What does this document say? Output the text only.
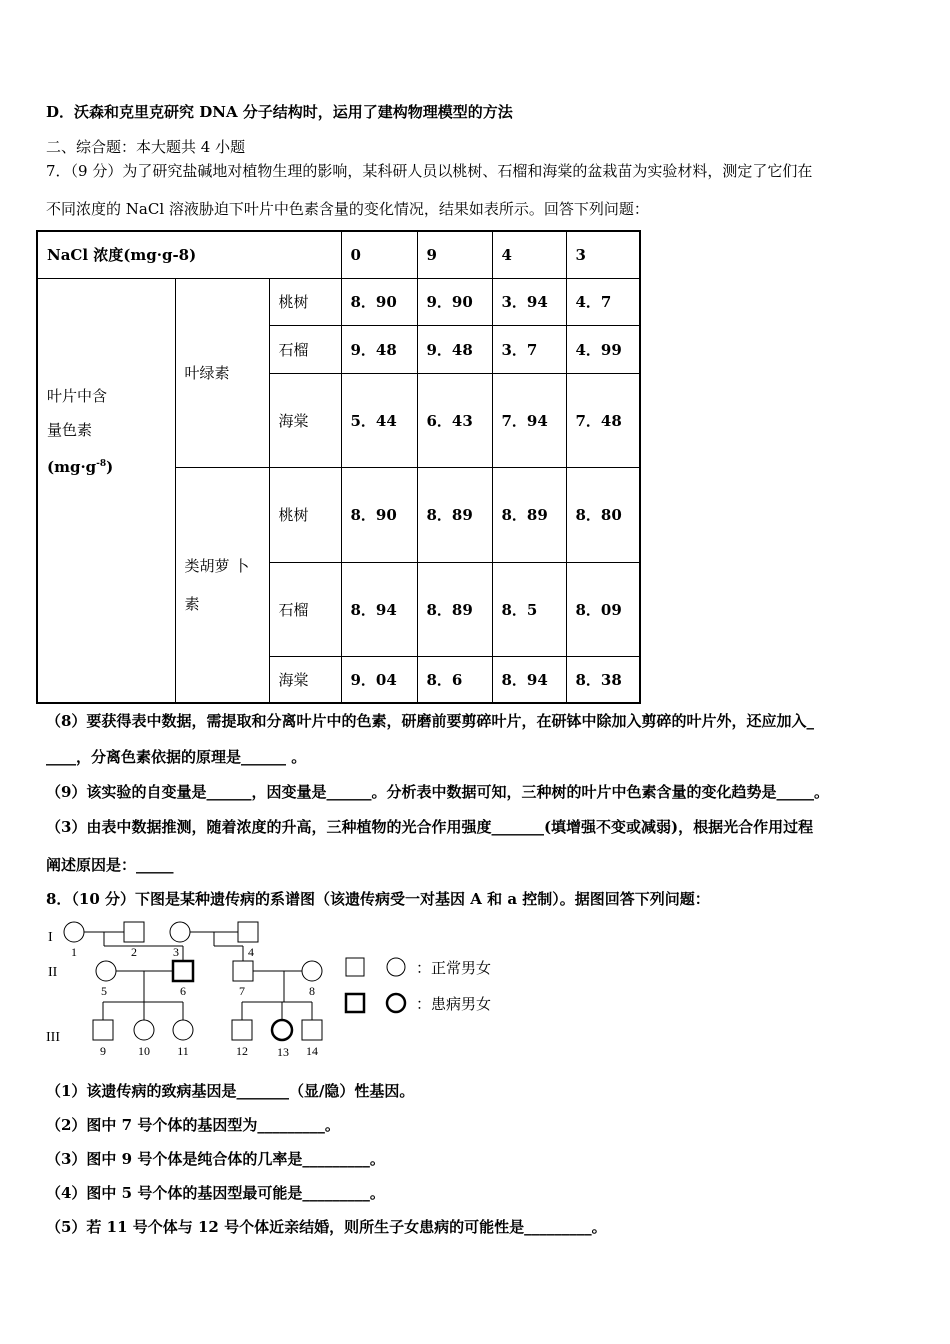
D．沃森和克里克研究 DNA 分子结构时，运用了建构物理模型的方法
二、综合题：本大题共 4 小题
7．（9 分）为了研究盐碱地对植物生理的影响，某科研人员以桃树、石榴和海棠的盆栽苗为实验材料，测定了它们在
不同浓度的 NaCl 溶液胁迫下叶片中色素含量的变化情况，结果如表所示。回答下列问题：
NaCl 浓度(mg·g-8)			0	9	4	3
叶片中含
量色素
$(mg\cdot g^{-8})$	叶绿素	桃树	8．90	9．90	3．94	4．7
		石榴	9．48	9．48	3．7	4．99
		海棠	5．44	6．43	7．94	7．48
	类胡萝 卜
素	桃树	8．90	8．89	8．89	8．80
		石榴	8．94	8．89	8．5	8．09
		海棠	9．04	8．6	8．94	8．38
（8）要获得表中数据，需提取和分离叶片中的色素，研磨前要剪碎叶片，在研钵中除加入剪碎的叶片外，还应加入_
____，分离色素依据的原理是______ 。
（9）该实验的自变量是______，因变量是______。分析表中数据可知，三种树的叶片中色素含量的变化趋势是_____。
（3）由表中数据推测，随着浓度的升高，三种植物的光合作用强度_______(填增强不变或减弱)，根据光合作用过程
阐述原因是：_____
8．（10 分）下图是某种遗传病的系谱图（该遗传病受一对基因 A 和 a 控制）。据图回答下列问题：
I
II
III
1	2	3	4
5	6	7	8
9	10 11	12 13 14
：正常男女
：患病男女
（1）该遗传病的致病基因是_______（显/隐）性基因。
（2）图中 7 号个体的基因型为_________。
（3）图中 9 号个体是纯合体的几率是_________。
（4）图中 5 号个体的基因型最可能是_________。
（5）若 11 号个体与 12 号个体近亲结婚，则所生子女患病的可能性是_________。
